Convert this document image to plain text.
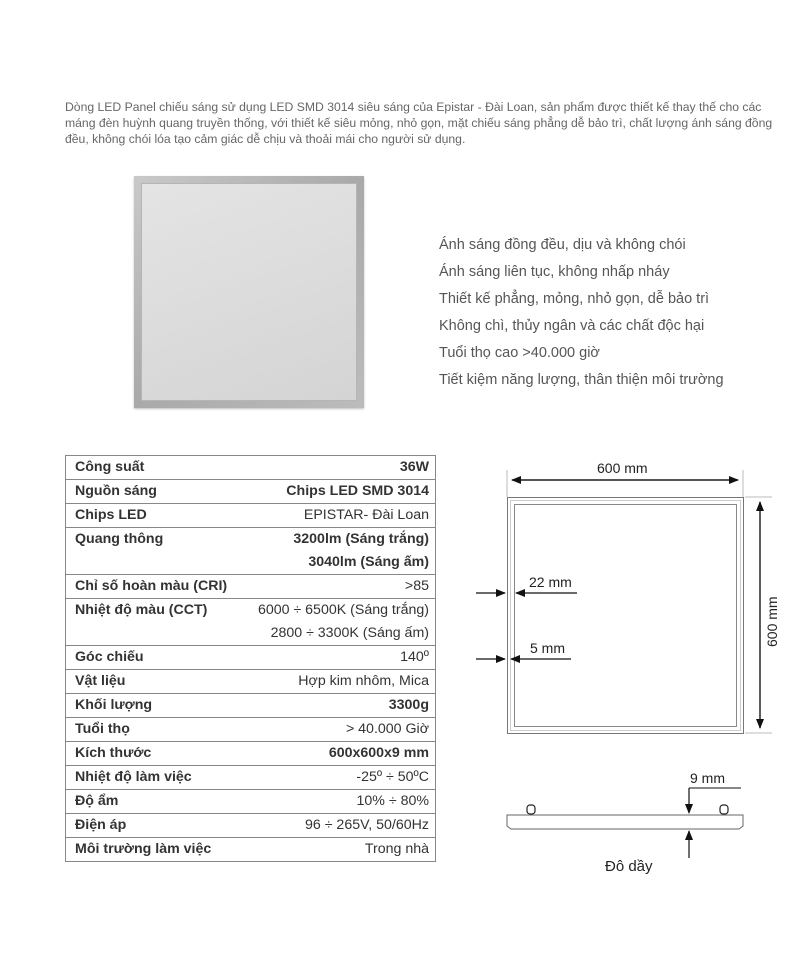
Dòng LED Panel chiếu sáng sử dụng LED SMD 3014 siêu sáng của Epistar - Đài Loan, sản phẩm được thiết kế thay thế cho các máng đèn huỳnh quang truyền thống, với thiết kế siêu mỏng, nhỏ gọn, mặt chiếu sáng phẳng dễ bảo trì, chất lượng ánh sáng đồng đều, không chói lóa tạo cảm giác dễ chịu và thoải mái cho người sử dụng.
Ánh sáng đồng đều, dịu và không chói
Ánh sáng liên tục, không nhấp nháy
Thiết kế phẳng, mỏng, nhỏ gọn, dễ bảo trì
Không chì, thủy ngân và các chất độc hại
Tuổi thọ cao >40.000 giờ
Tiết kiệm năng lượng, thân thiện môi trường
Công suất	36W
Nguồn sáng	Chips LED SMD 3014
Chips LED	EPISTAR- Đài Loan
Quang thông	3200lm (Sáng trắng)
	3040lm (Sáng ấm)
Chỉ số hoàn màu (CRI)	>85
Nhiệt độ màu (CCT)	6000 ÷ 6500K (Sáng trắng)
	2800 ÷ 3300K (Sáng ấm)
Góc chiếu	140º
Vật liệu	Hợp kim nhôm, Mica
Khối lượng	3300g
Tuổi thọ	> 40.000 Giờ
Kích thước	600x600x9 mm
Nhiệt độ làm việc	-25º ÷ 50ºC
Độ ẩm	10% ÷ 80%
Điện áp	96 ÷ 265V, 50/60Hz
Môi trường làm việc	Trong nhà
600 mm
600 mm
22 mm
5 mm
9 mm
Đô dầy
